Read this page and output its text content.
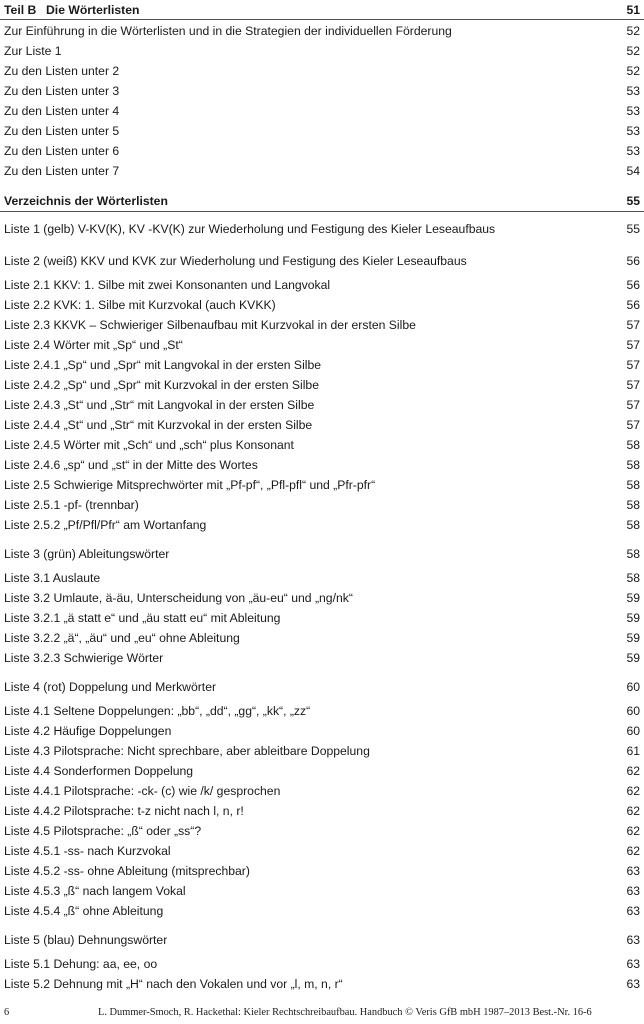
Teil B Die Wörterlisten	51
Zur Einführung in die Wörterlisten und in die Strategien der individuellen Förderung	52
Zur Liste 1	52
Zu den Listen unter 2	52
Zu den Listen unter 3	53
Zu den Listen unter 4	53
Zu den Listen unter 5	53
Zu den Listen unter 6	53
Zu den Listen unter 7	54
Verzeichnis der Wörterlisten	55
Liste 1 (gelb) V-KV(K), KV -KV(K) zur Wiederholung und Festigung des Kieler Leseaufbaus	55
Liste 2 (weiß) KKV und KVK zur Wiederholung und Festigung des Kieler Leseaufbaus	56
Liste 2.1 KKV: 1. Silbe mit zwei Konsonanten und Langvokal	56
Liste 2.2 KVK: 1. Silbe mit Kurzvokal (auch KVKK)	56
Liste 2.3 KKVK – Schwieriger Silbenaufbau mit Kurzvokal in der ersten Silbe	57
Liste 2.4 Wörter mit „Sp“ und „St“	57
Liste 2.4.1 „Sp“ und „Spr“ mit Langvokal in der ersten Silbe	57
Liste 2.4.2 „Sp“ und „Spr“ mit Kurzvokal in der ersten Silbe	57
Liste 2.4.3 „St“ und „Str“ mit Langvokal in der ersten Silbe	57
Liste 2.4.4 „St“ und „Str“ mit Kurzvokal in der ersten Silbe	57
Liste 2.4.5 Wörter mit „Sch“ und „sch“ plus Konsonant	58
Liste 2.4.6 „sp“ und „st“ in der Mitte des Wortes	58
Liste 2.5 Schwierige Mitsprechwörter mit „Pf-pf“, „Pfl-pfl“ und „Pfr-pfr“	58
Liste 2.5.1 -pf- (trennbar)	58
Liste 2.5.2 „Pf/Pfl/Pfr“ am Wortanfang	58
Liste 3 (grün) Ableitungswörter	58
Liste 3.1 Auslaute	58
Liste 3.2 Umlaute, ä-äu, Unterscheidung von „äu-eu“ und „ng/nk“	59
Liste 3.2.1 „ä statt e“ und „äu statt eu“ mit Ableitung	59
Liste 3.2.2 „ä“, „äu“ und „eu“ ohne Ableitung	59
Liste 3.2.3 Schwierige Wörter	59
Liste 4 (rot) Doppelung und Merkwörter	60
Liste 4.1 Seltene Doppelungen: „bb“, „dd“, „gg“, „kk“, „zz“	60
Liste 4.2 Häufige Doppelungen	60
Liste 4.3 Pilotsprache: Nicht sprechbare, aber ableitbare Doppelung	61
Liste 4.4 Sonderformen Doppelung	62
Liste 4.4.1 Pilotsprache: -ck- (c) wie /k/ gesprochen	62
Liste 4.4.2 Pilotsprache: t-z nicht nach l, n, r!	62
Liste 4.5 Pilotsprache: „ß“ oder „ss“?	62
Liste 4.5.1 -ss- nach Kurzvokal	62
Liste 4.5.2 -ss- ohne Ableitung (mitsprechbar)	63
Liste 4.5.3 „ß“ nach langem Vokal	63
Liste 4.5.4 „ß“ ohne Ableitung	63
Liste 5 (blau) Dehnungswörter	63
Liste 5.1 Dehung: aa, ee, oo	63
Liste 5.2 Dehnung mit „H“ nach den Vokalen und vor „l, m, n, r“	63
6	L. Dummer-Smoch, R. Hackethal: Kieler Rechtschreibaufbau. Handbuch © Veris GfB mbH 1987–2013 Best.-Nr. 16-6
